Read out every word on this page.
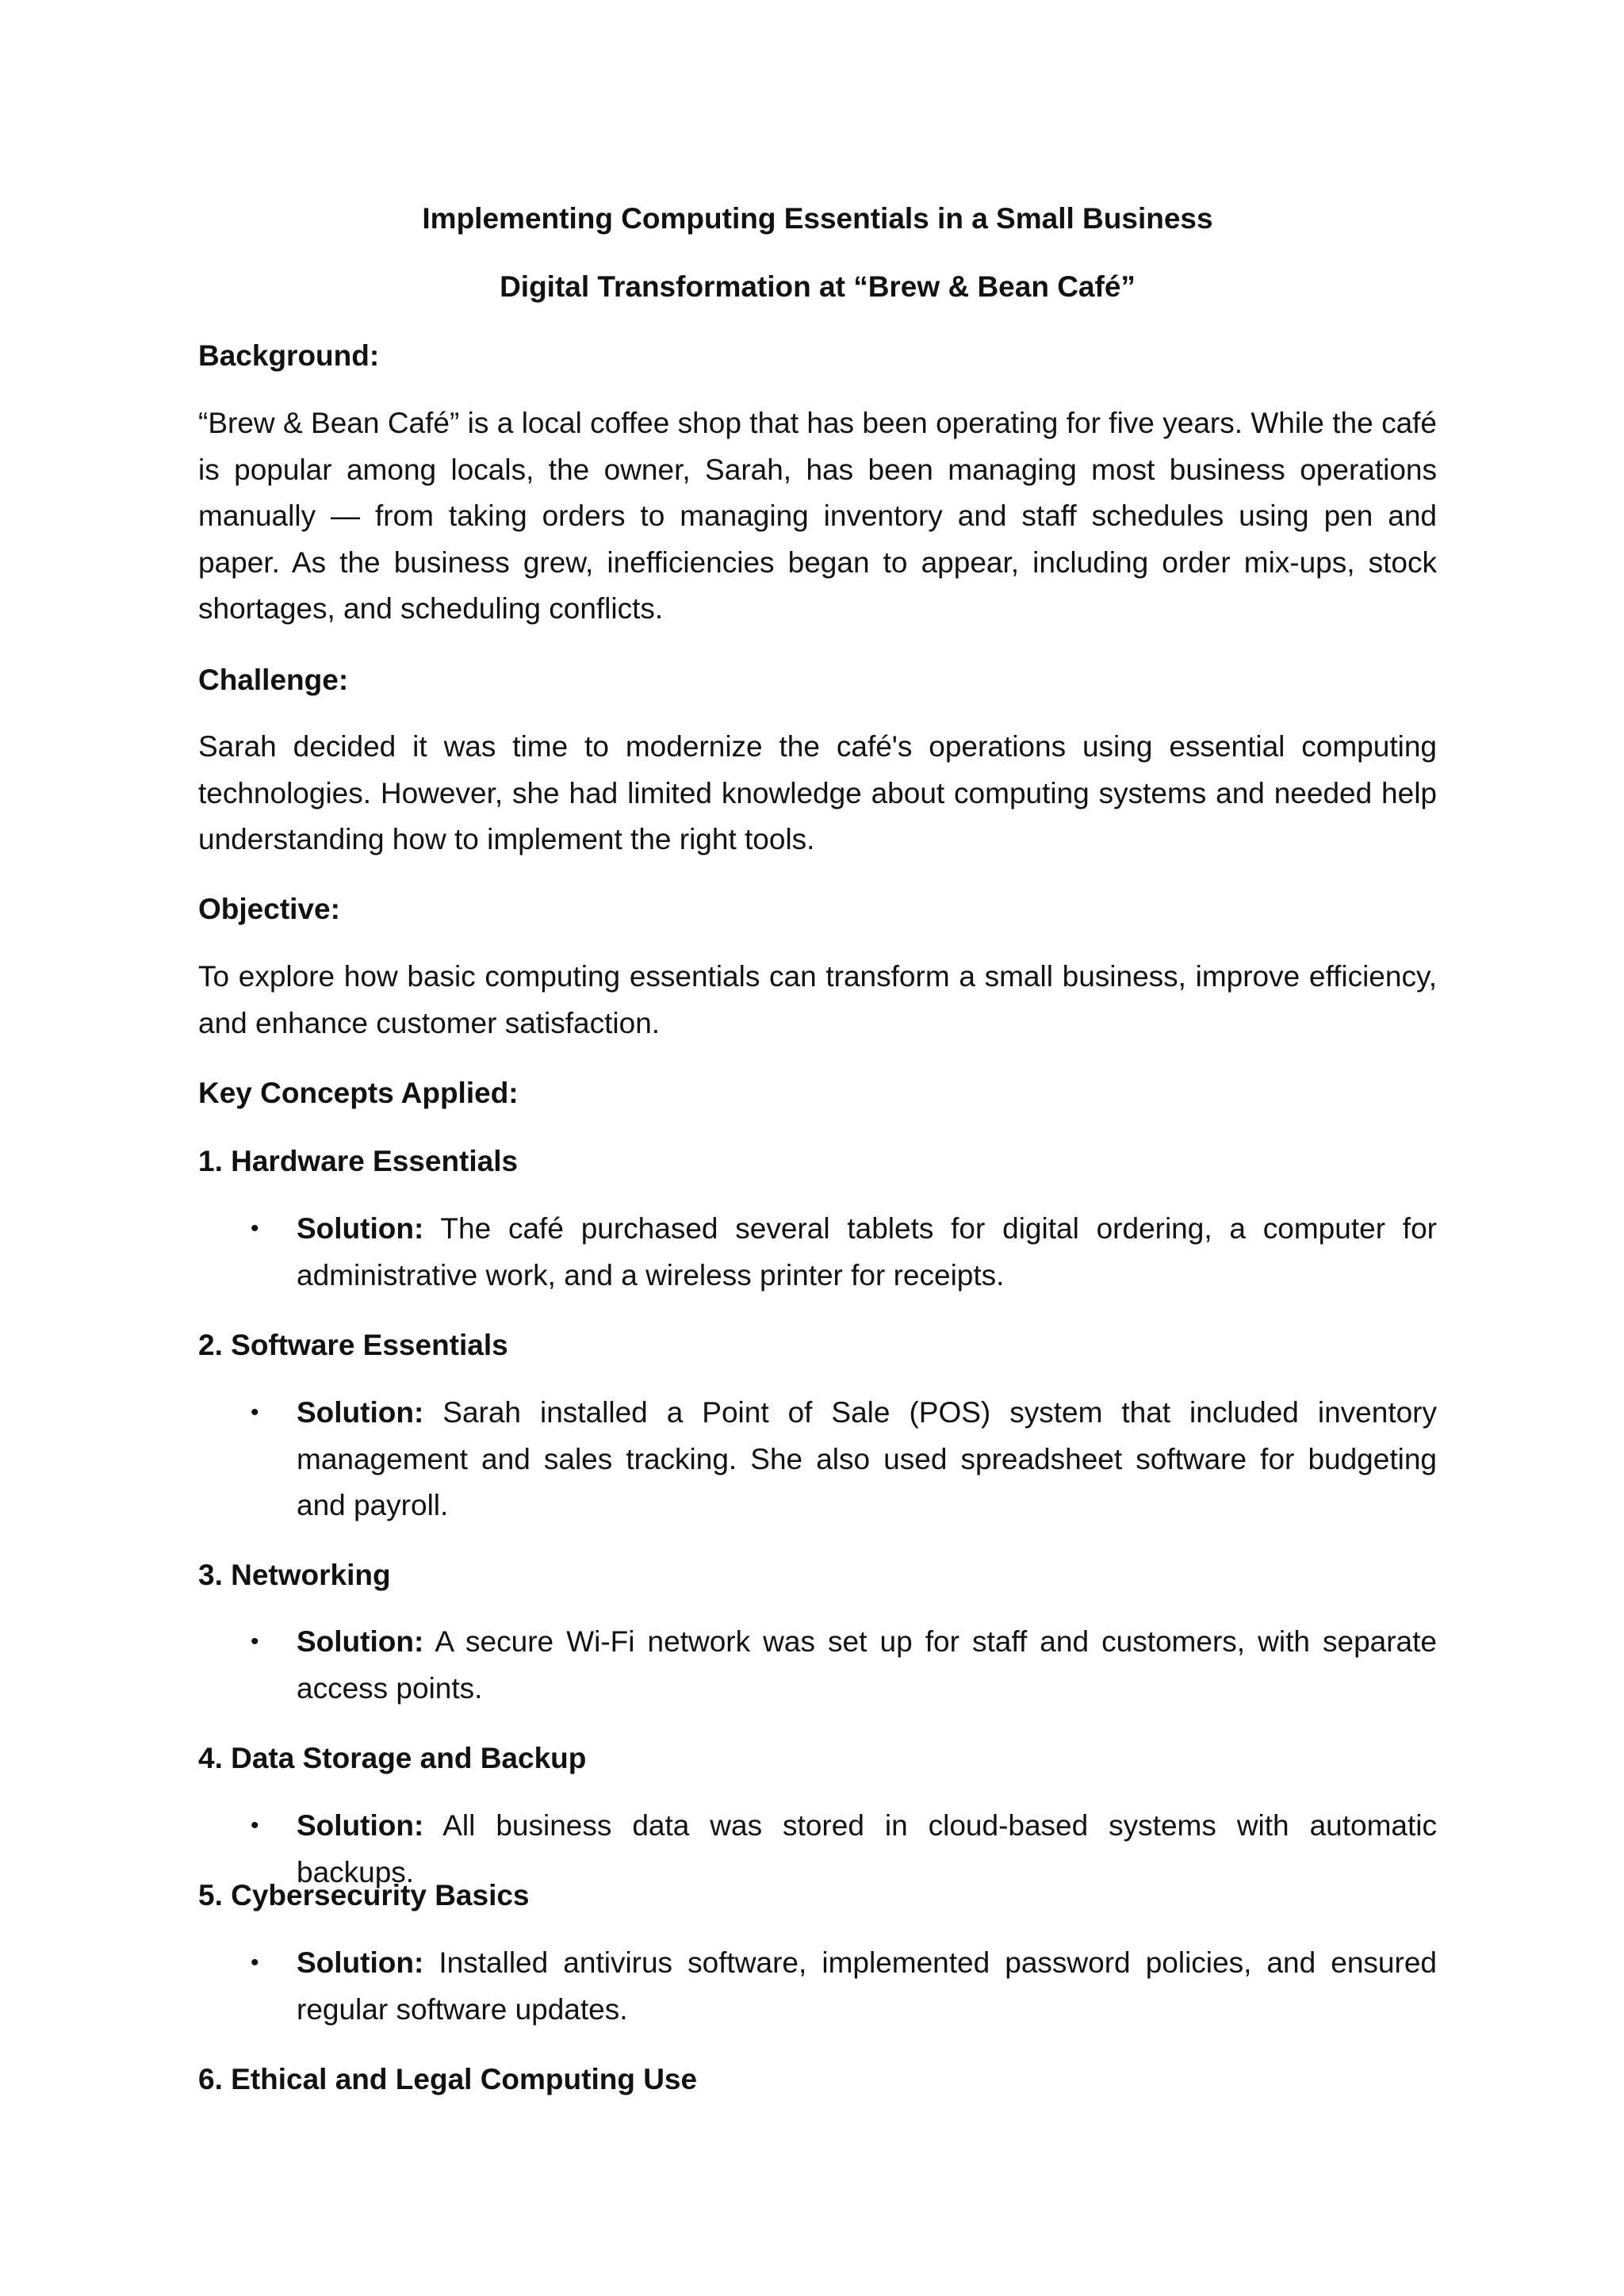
Implementing Computing Essentials in a Small Business
Digital Transformation at “Brew & Bean Café”
Background:
“Brew & Bean Café” is a local coffee shop that has been operating for five years. While the café is popular among locals, the owner, Sarah, has been managing most business operations manually — from taking orders to managing inventory and staff schedules using pen and paper. As the business grew, inefficiencies began to appear, including order mix-ups, stock shortages, and scheduling conflicts.
Challenge:
Sarah decided it was time to modernize the café's operations using essential computing technologies. However, she had limited knowledge about computing systems and needed help understanding how to implement the right tools.
Objective:
To explore how basic computing essentials can transform a small business, improve efficiency, and enhance customer satisfaction.
Key Concepts Applied:
1. Hardware Essentials
• Solution: The café purchased several tablets for digital ordering, a computer for administrative work, and a wireless printer for receipts.
2. Software Essentials
• Solution: Sarah installed a Point of Sale (POS) system that included inventory management and sales tracking. She also used spreadsheet software for budgeting and payroll.
3. Networking
• Solution: A secure Wi-Fi network was set up for staff and customers, with separate access points.
4. Data Storage and Backup
• Solution: All business data was stored in cloud-based systems with automatic backups.
5. Cybersecurity Basics
• Solution: Installed antivirus software, implemented password policies, and ensured regular software updates.
6. Ethical and Legal Computing Use
